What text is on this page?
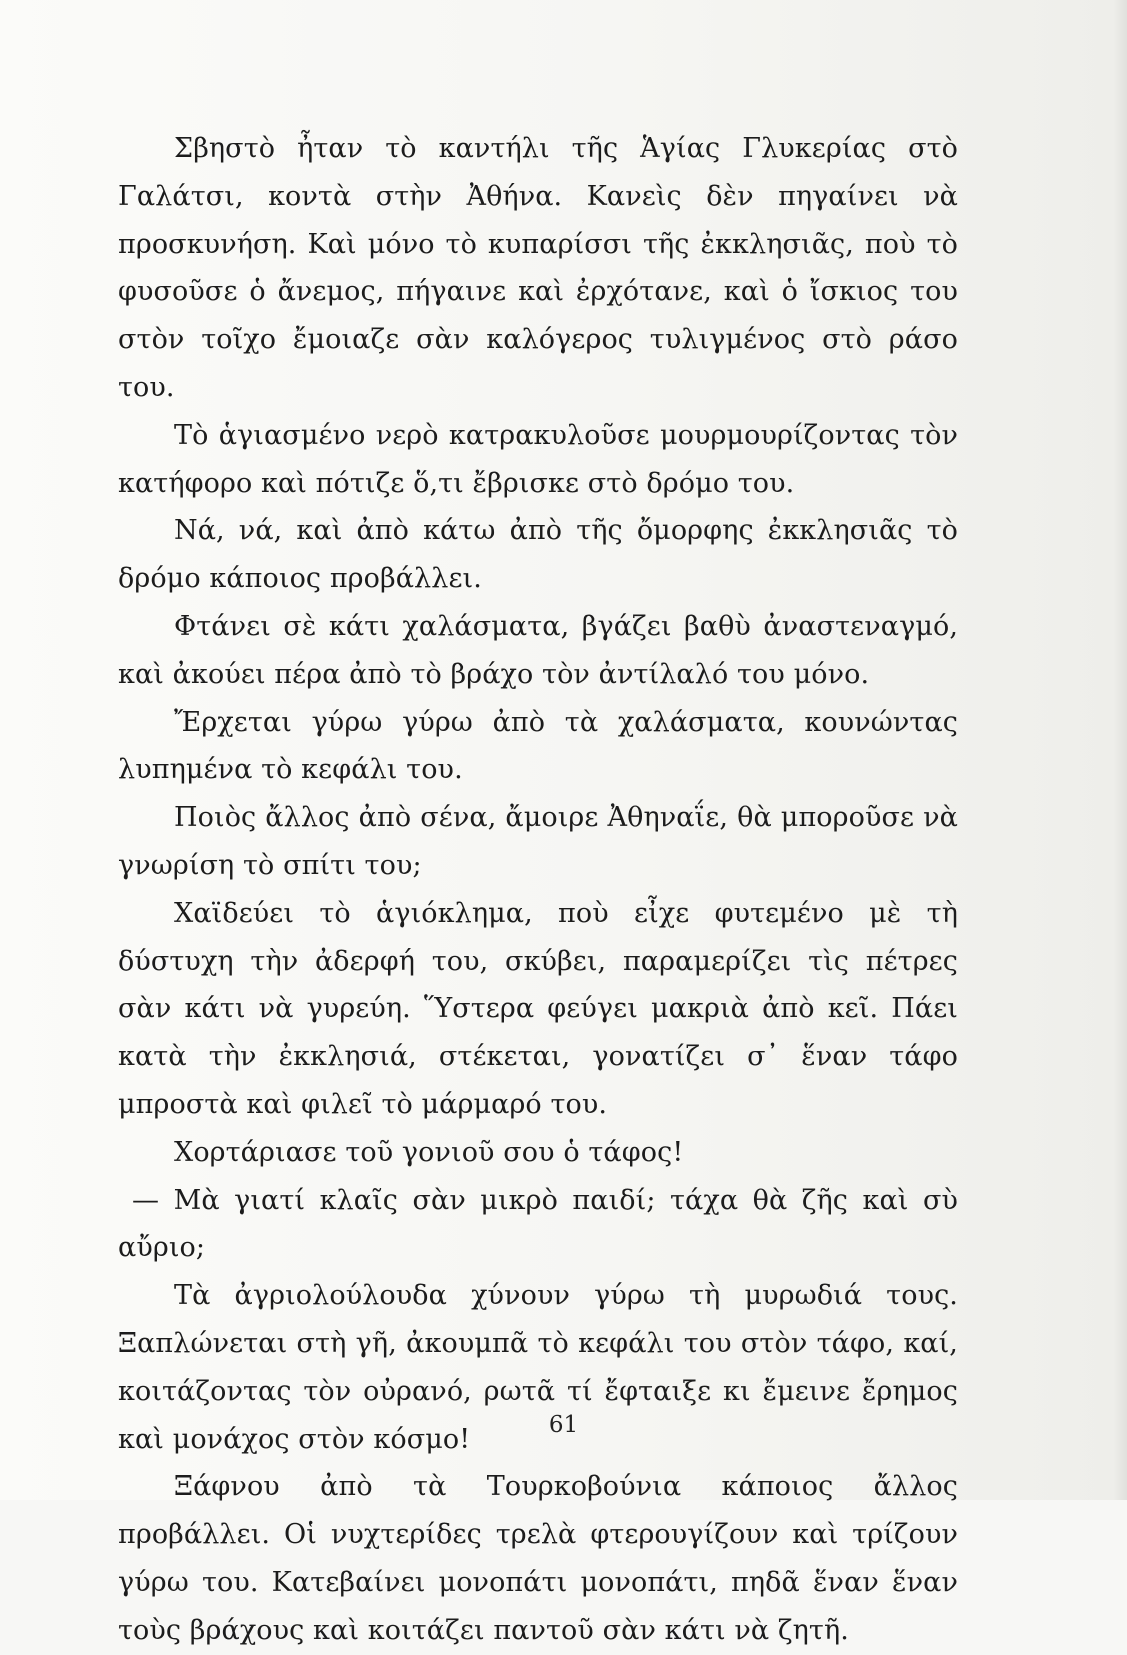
Σβηστὸ ἦταν τὸ καντήλι τῆς Ἁγίας Γλυκερίας στὸ Γαλάτσι, κοντὰ στὴν Ἀθήνα. Κανεὶς δὲν πηγαίνει νὰ προσκυνήση. Καὶ μόνο τὸ κυπαρίσσι τῆς ἐκκλησιᾶς, ποὺ τὸ φυσοῦσε ὁ ἄνεμος, πήγαινε καὶ ἐρχότανε, καὶ ὁ ἴσκιος του στὸν τοῖχο ἔμοιαζε σὰν καλόγερος τυλιγμένος στὸ ράσο του.

Τὸ ἁγιασμένο νερὸ κατρακυλοῦσε μουρμουρίζοντας τὸν κατήφορο καὶ πότιζε ὅ,τι ἔβρισκε στὸ δρόμο του.

Νά, νά, καὶ ἀπὸ κάτω ἀπὸ τῆς ὄμορφης ἐκκλησιᾶς τὸ δρόμο κάποιος προβάλλει.

Φτάνει σὲ κάτι χαλάσματα, βγάζει βαθὺ ἀναστεναγμό, καὶ ἀκούει πέρα ἀπὸ τὸ βράχο τὸν ἀντίλαλό του μόνο.

Ἔρχεται γύρω γύρω ἀπὸ τὰ χαλάσματα, κουνώντας λυπημένα τὸ κεφάλι του.

Ποιὸς ἄλλος ἀπὸ σένα, ἄμοιρε Ἀθηναΐε, θὰ μποροῦσε νὰ γνωρίση τὸ σπίτι του;

Χαϊδεύει τὸ ἁγιόκλημα, ποὺ εἶχε φυτεμένο μὲ τὴ δύστυχη τὴν ἀδερφή του, σκύβει, παραμερίζει τὶς πέτρες σὰν κάτι νὰ γυρεύη. Ὕστερα φεύγει μακριὰ ἀπὸ κεῖ. Πάει κατὰ τὴν ἐκκλησιά, στέκεται, γονατίζει σ᾽ ἕναν τάφο μπροστὰ καὶ φιλεῖ τὸ μάρμαρό του.

Χορτάριασε τοῦ γονιοῦ σου ὁ τάφος!

— Μὰ γιατί κλαῖς σὰν μικρὸ παιδί; τάχα θὰ ζῆς καὶ σὺ αὔριο;

Τὰ ἀγριολούλουδα χύνουν γύρω τὴ μυρωδιά τους. Ξαπλώνεται στὴ γῆ, ἀκουμπᾶ τὸ κεφάλι του στὸν τάφο, καί, κοιτάζοντας τὸν οὐρανό, ρωτᾶ τί ἔφταιξε κι ἔμεινε ἔρημος καὶ μονάχος στὸν κόσμο!

Ξάφνου ἀπὸ τὰ Τουρκοβούνια κάποιος ἄλλος προβάλλει. Οἱ νυχτερίδες τρελὰ φτερουγίζουν καὶ τρίζουν γύρω του. Κατεβαίνει μονοπάτι μονοπάτι, πηδᾶ ἕναν ἕναν τοὺς βράχους καὶ κοιτάζει παντοῦ σὰν κάτι νὰ ζητῆ.

61
